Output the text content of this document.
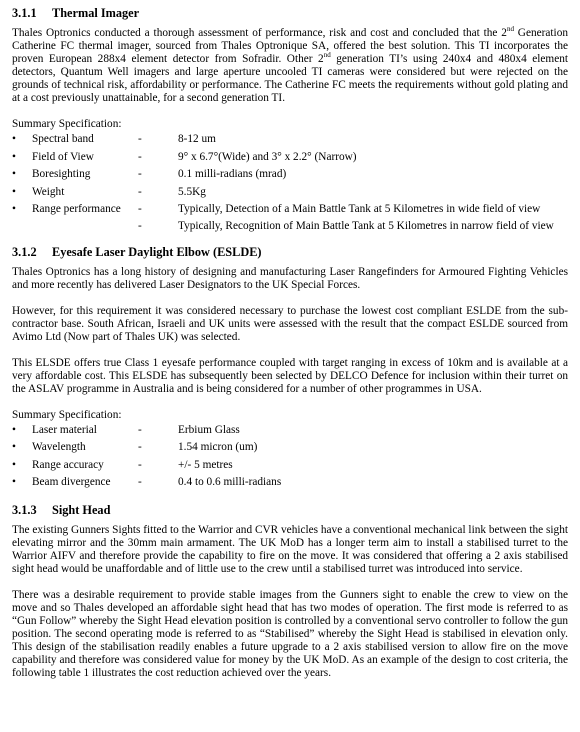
3.1.1 Thermal Imager

Thales Optronics conducted a thorough assessment of performance, risk and cost and concluded that the 2nd Generation Catherine FC thermal imager, sourced from Thales Optronique SA, offered the best solution. This TI incorporates the proven European 288x4 element detector from Sofradir. Other 2nd generation TI’s using 240x4 and 480x4 element detectors, Quantum Well imagers and large aperture uncooled TI cameras were considered but were rejected on the grounds of technical risk, affordability or performance. The Catherine FC meets the requirements without gold plating and at a cost previously unattainable, for a second generation TI.

Summary Specification:

•	Spectral band	-	8-12 um
•	Field of View	-	9° x 6.7°(Wide) and 3° x 2.2° (Narrow)
•	Boresighting	-	0.1 milli-radians (mrad)
•	Weight	-	5.5Kg
•	Range performance	-	Typically, Detection of a Main Battle Tank at 5 Kilometres in wide field of view
-	Typically, Recognition of Main Battle Tank at 5 Kilometres in narrow field of view
3.1.2 Eyesafe Laser Daylight Elbow (ESLDE)

Thales Optronics has a long history of designing and manufacturing Laser Rangefinders for Armoured Fighting Vehicles and more recently has delivered Laser Designators to the UK Special Forces.

However, for this requirement it was considered necessary to purchase the lowest cost compliant ESLDE from the sub-contractor base. South African, Israeli and UK units were assessed with the result that the compact ESLDE sourced from Avimo Ltd (Now part of Thales UK) was selected.

This ELSDE offers true Class 1 eyesafe performance coupled with target ranging in excess of 10km and is available at a very affordable cost. This ELSDE has subsequently been selected by DELCO Defence for inclusion within their turret on the ASLAV programme in Australia and is being considered for a number of other programmes in USA.

Summary Specification:

•	Laser material	-	Erbium Glass
•	Wavelength	-	1.54 micron (um)
•	Range accuracy	-	+/- 5 metres
•	Beam divergence	-	0.4 to 0.6 milli-radians
3.1.3 Sight Head

The existing Gunners Sights fitted to the Warrior and CVR vehicles have a conventional mechanical link between the sight elevating mirror and the 30mm main armament. The UK MoD has a longer term aim to install a stabilised turret to the Warrior AIFV and therefore provide the capability to fire on the move. It was considered that offering a 2 axis stabilised sight head would be unaffordable and of little use to the crew until a stabilised turret was introduced into service.

There was a desirable requirement to provide stable images from the Gunners sight to enable the crew to view on the move and so Thales developed an affordable sight head that has two modes of operation. The first mode is referred to as “Gun Follow” whereby the Sight Head elevation position is controlled by a conventional servo controller to follow the gun position. The second operating mode is referred to as “Stabilised” whereby the Sight Head is stabilised in elevation only. This design of the stabilisation readily enables a future upgrade to a 2 axis stabilised version to allow fire on the move capability and therefore was considered value for money by the UK MoD. As an example of the design to cost criteria, the following table 1 illustrates the cost reduction achieved over the years.
